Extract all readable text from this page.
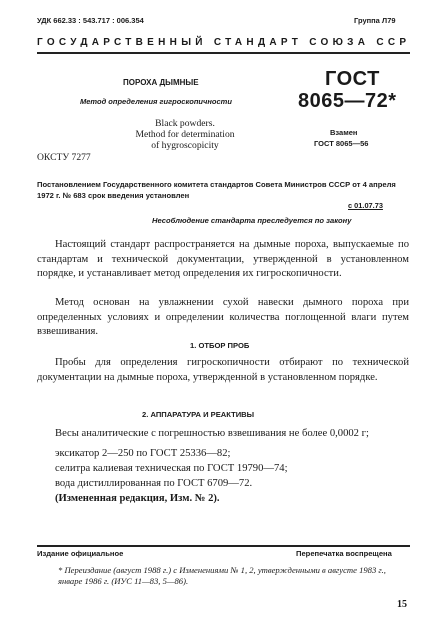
УДК 662.33 : 543.717 : 006.354	Группа Л79
ГОСУДАРСТВЕННЫЙ СТАНДАРТ СОЮЗА ССР
ПОРОХА ДЫМНЫЕ
Метод определения гигроскопичности
Black powders.
Method for determination
of hygroscopicity
ОКСТУ 7277
ГОСТ
8065—72*
Взамен
ГОСТ 8065—56
Постановлением Государственного комитета стандартов Совета Министров СССР от 4 апреля 1972 г. № 683 срок введения установлен
с 01.07.73
Несоблюдение стандарта преследуется по закону
Настоящий стандарт распространяется на дымные пороха, выпускаемые по стандартам и технической документации, утвержденной в установленном порядке, и устанавливает метод определения их гигроскопичности.
Метод основан на увлажнении сухой навески дымного пороха при определенных условиях и определении количества поглощенной влаги путем взвешивания.
1. ОТБОР ПРОБ
Пробы для определения гигроскопичности отбирают по технической документации на дымные пороха, утвержденной в установленном порядке.
2. АППАРАТУРА И РЕАКТИВЫ
Весы аналитические с погрешностью взвешивания не более 0,0002 г;
эксикатор 2—250 по ГОСТ 25336—82;
селитра калиевая техническая по ГОСТ 19790—74;
вода дистиллированная по ГОСТ 6709—72.
(Измененная редакция, Изм. № 2).
Издание официальное	Перепечатка воспрещена
* Переиздание (август 1988 г.) с Изменениями № 1, 2, утвержденными в августе 1983 г., январе 1986 г. (ИУС 11—83, 5—86).
15
